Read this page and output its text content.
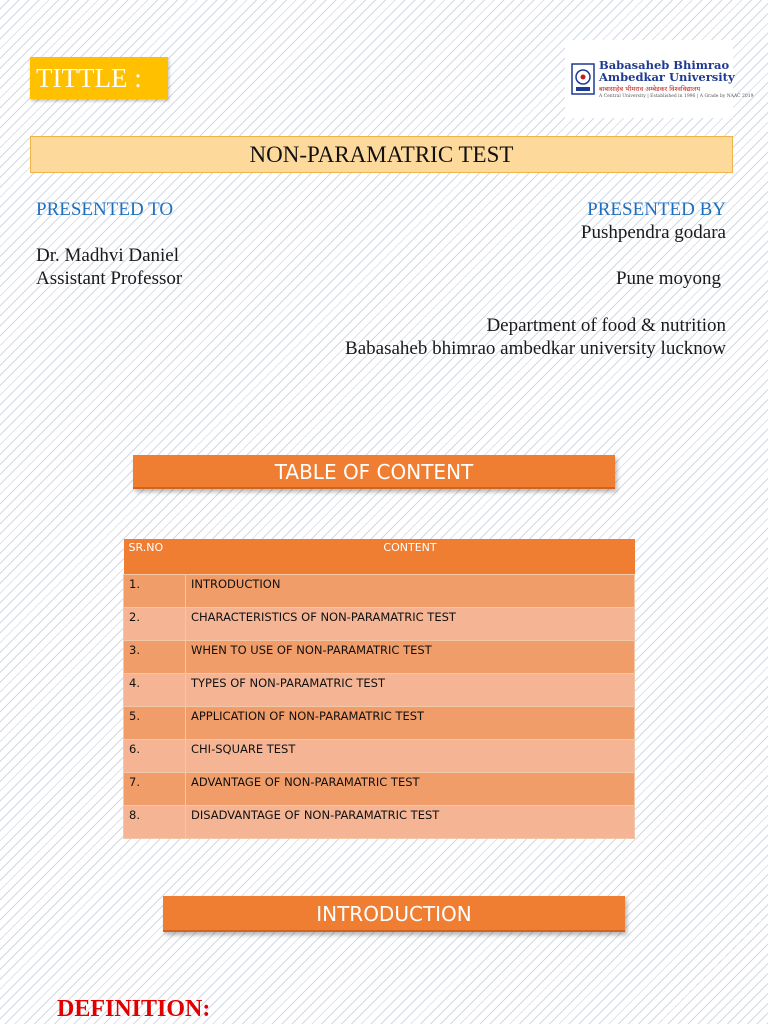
TITTLE :	Babasaheb Bhimrao
Ambedkar University
बाबासाहेब भीमराव अम्बेडकर विश्वविद्यालय
A Central University | Established in 1996 | A Grade by NAAC 2019
NON-PARAMATRIC TEST
PRESENTED TO
Dr. Madhvi Daniel
Assistant Professor
PRESENTED BY
Pushpendra godara
Pune moyong
Department of food & nutrition
Babasaheb bhimrao ambedkar university lucknow
TABLE OF CONTENT
SR.NO	CONTENT
1.	INTRODUCTION
2.	CHARACTERISTICS OF NON-PARAMATRIC TEST
3.	WHEN TO USE OF NON-PARAMATRIC TEST
4.	TYPES OF NON-PARAMATRIC TEST
5.	APPLICATION OF NON-PARAMATRIC TEST
6.	CHI-SQUARE TEST
7.	ADVANTAGE OF NON-PARAMATRIC TEST
8.	DISADVANTAGE OF NON-PARAMATRIC TEST
INTRODUCTION
DEFINITION:
